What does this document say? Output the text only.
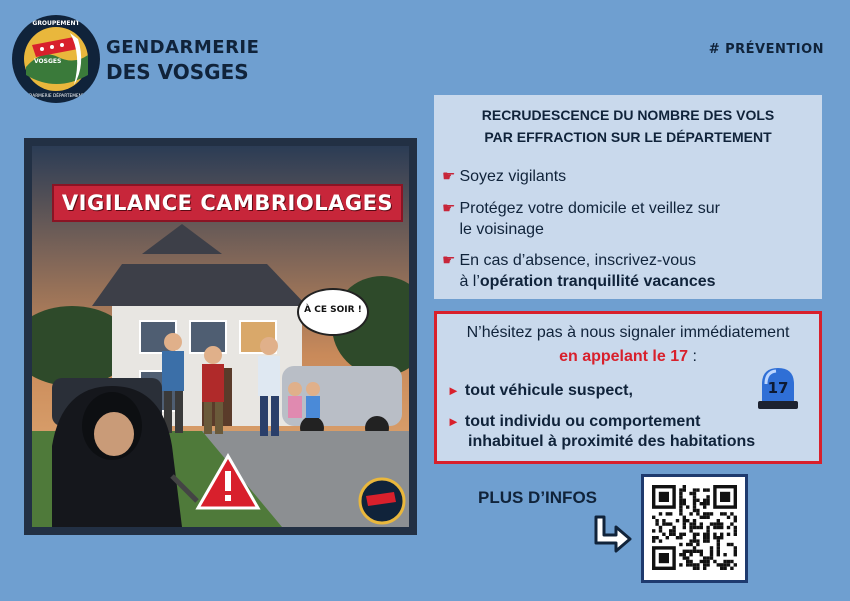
GROUPEMENT
VOSGES
GENDARMERIE DÉPARTEMENTALE
GENDARMERIE
DES VOSGES
# PRÉVENTION
VIGILANCE CAMBRIOLAGES
À CE SOIR !
RECRUDESCENCE DU NOMBRE DES VOLS
PAR EFFRACTION SUR LE DÉPARTEMENT
☛ Soyez vigilants
☛ Protégez votre domicile et veillez sur
le voisinage
☛ En cas d’absence, inscrivez-vous
à l’opération tranquillité vacances
N’hésitez pas à nous signaler immédiatement
en appelant le 17 :
► tout véhicule suspect,
► tout individu ou comportement
inhabituel à proximité des habitations
17
PLUS D’INFOS
